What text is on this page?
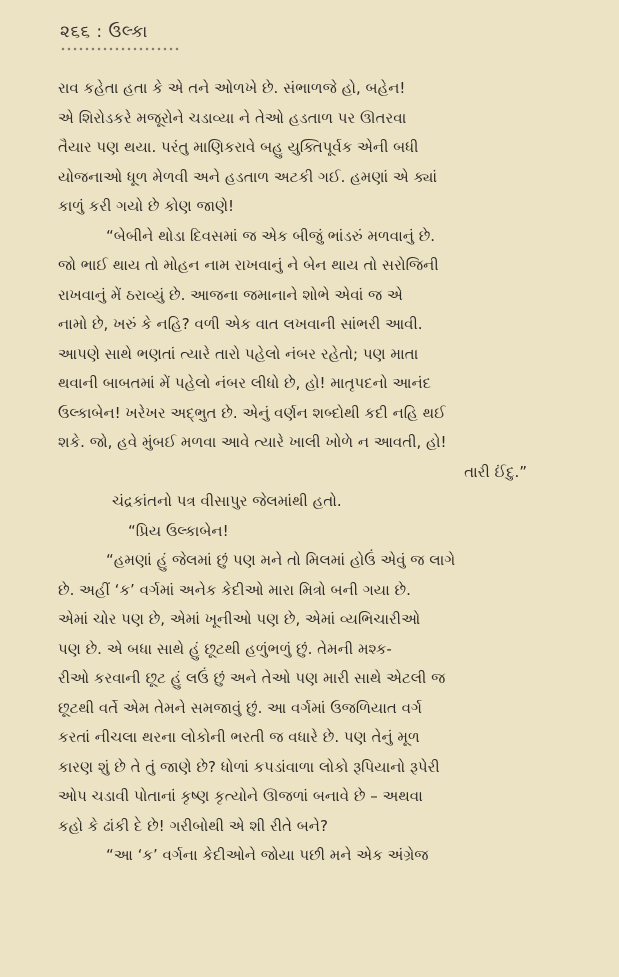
૨૬૬ : ઉલ્કા
રાવ કહેતા હતા કે એ તને ઓળખે છે. સંભાળજે હો, બહેન!
એ શિરોડકરે મજૂરોને ચડાવ્યા ને તેઓ હડતાળ પર ઊતરવા
તૈયાર પણ થયા. પરંતુ માણિકરાવે બહુ યુક્તિપૂર્વક એની બધી
યોજનાઓ ધૂળ મેળવી અને હડતાળ અટકી ગઈ. હમણાં એ ક્યાં
કાળું કરી ગયો છે કોણ જાણે!
“બેબીને થોડા દિવસમાં જ એક બીજું ભાંડરું મળવાનું છે.
જો ભાઈ થાય તો મોહન નામ રાખવાનું ને બેન થાય તો સરોજિની
રાખવાનું મેં ઠરાવ્યું છે. આજના જમાનાને શોભે એવાં જ એ
નામો છે, ખરું કે નહિ? વળી એક વાત લખવાની સાંભરી આવી.
આપણે સાથે ભણતાં ત્યારે તારો પહેલો નંબર રહેતો; પણ માતા
થવાની બાબતમાં મેં પહેલો નંબર લીધો છે, હો! માતૃપદનો આનંદ
ઉલ્કાબેન! ખરેખર અદ્ભુત છે. એનું વર્ણન શબ્દોથી કદી નહિ થઈ
શકે. જો, હવે મુંબઈ મળવા આવે ત્યારે ખાલી ખોળે ન આવતી, હો!
તારી ઈંદુ.”
ચંદ્રકાંતનો પત્ર વીસાપુર જેલમાંથી હતો.
“પ્રિય ઉલ્કાબેન!
“હમણાં હું જેલમાં છું પણ મને તો મિલમાં હોઉં એવું જ લાગે
છે. અહીં ‘ક’ વર્ગમાં અનેક કેદીઓ મારા મિત્રો બની ગયા છે.
એમાં ચોર પણ છે, એમાં ખૂનીઓ પણ છે, એમાં વ્યભિચારીઓ
પણ છે. એ બધા સાથે હું છૂટથી હળુંભળું છું. તેમની મશ્ક-
રીઓ કરવાની છૂટ હું લઉં છું અને તેઓ પણ મારી સાથે એટલી જ
છૂટથી વર્તે એમ તેમને સમજાવું છું. આ વર્ગમાં ઉજળિયાત વર્ગ
કરતાં નીચલા થરના લોકોની ભરતી જ વધારે છે. પણ તેનું મૂળ
કારણ શું છે તે તું જાણે છે? ધોળાં કપડાંવાળા લોકો રૂપિયાનો રૂપેરી
ઓપ ચડાવી પોતાનાં કૃષ્ણ કૃત્યોને ઊજળાં બનાવે છે – અથવા
કહો કે ઢાંકી દે છે! ગરીબોથી એ શી રીતે બને?
“આ ‘ક’ વર્ગના કેદીઓને જોયા પછી મને એક અંગ્રેજ
